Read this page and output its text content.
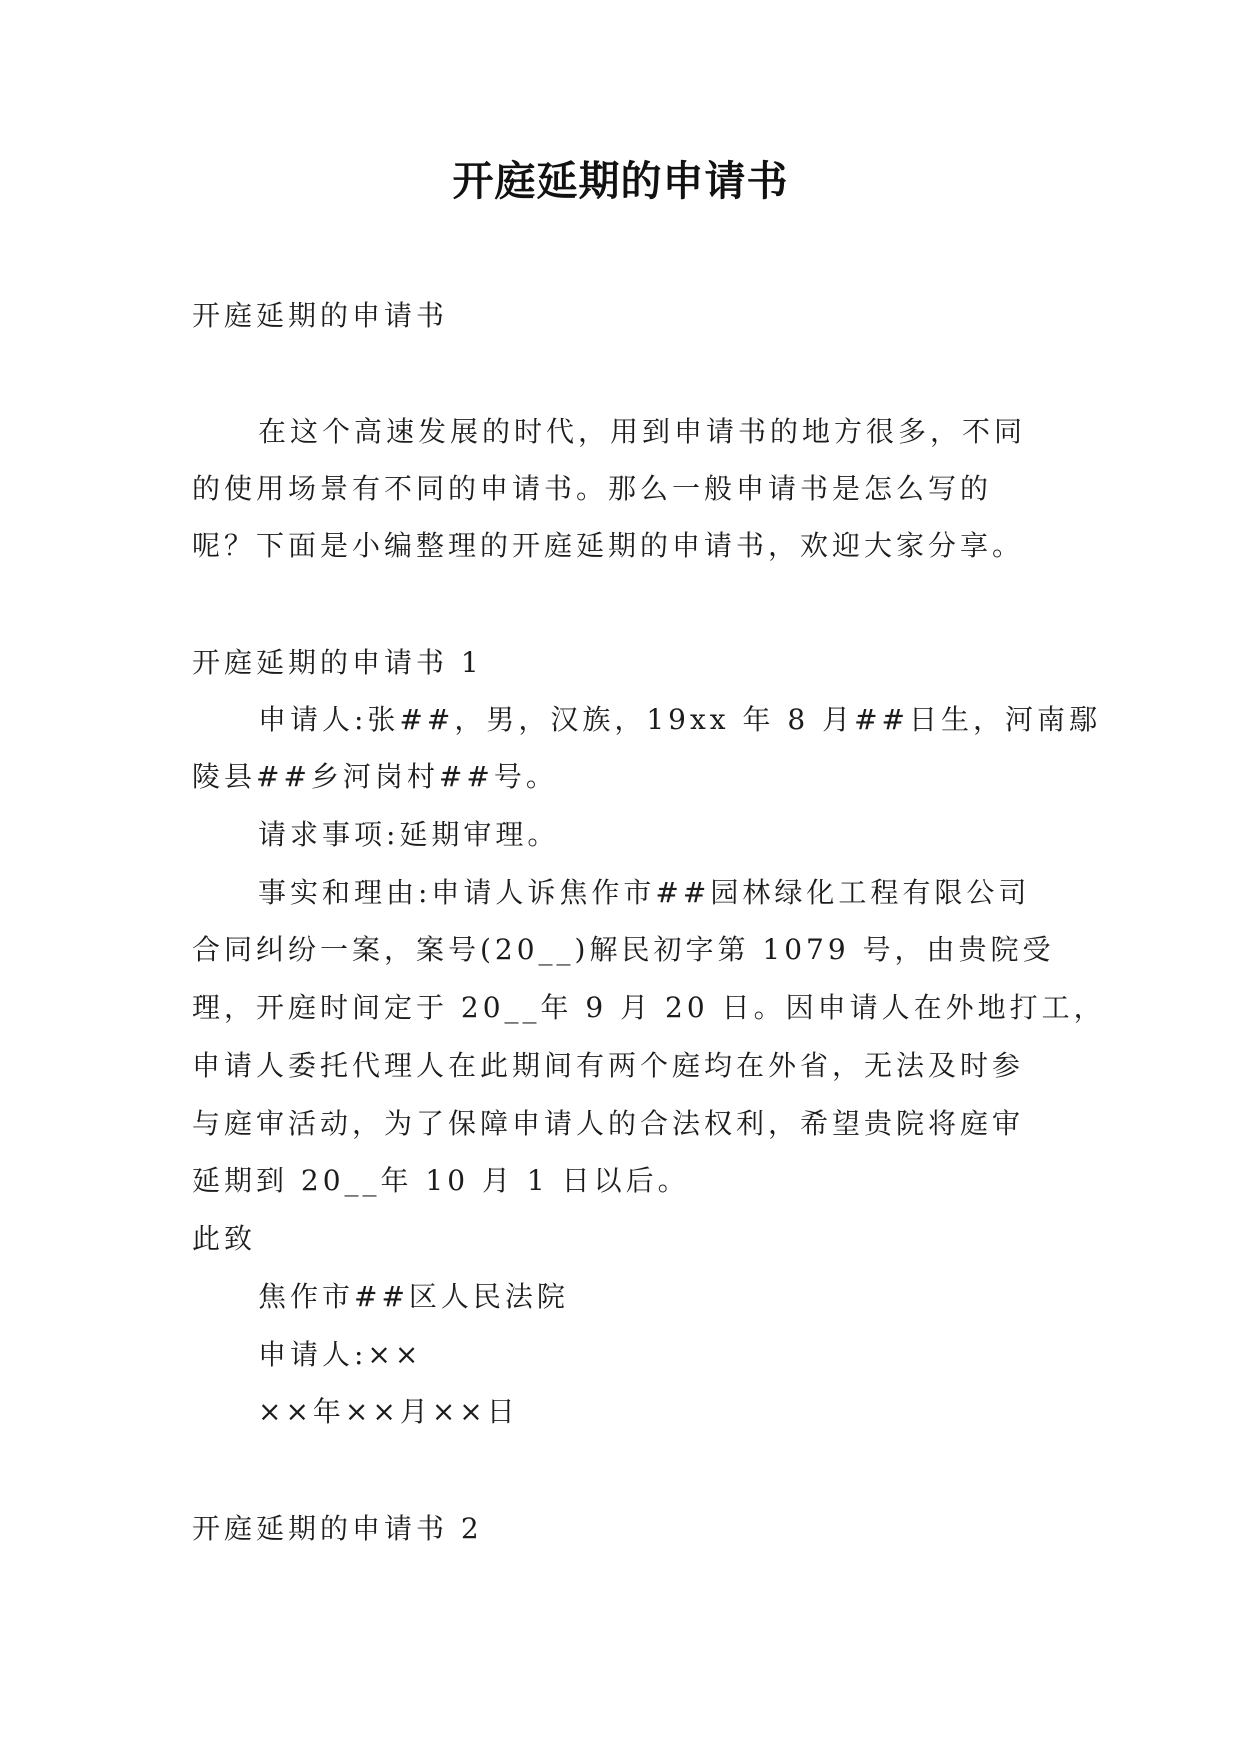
开庭延期的申请书
开庭延期的申请书
在这个高速发展的时代，用到申请书的地方很多，不同
的使用场景有不同的申请书。那么一般申请书是怎么写的
呢？下面是小编整理的开庭延期的申请书，欢迎大家分享。
开庭延期的申请书 1
申请人:张##，男，汉族，19xx 年 8 月##日生，河南鄢
陵县##乡河岗村##号。
请求事项:延期审理。
事实和理由:申请人诉焦作市##园林绿化工程有限公司
合同纠纷一案，案号(20__)解民初字第 1079 号，由贵院受
理，开庭时间定于 20__年 9 月 20 日。因申请人在外地打工，
申请人委托代理人在此期间有两个庭均在外省，无法及时参
与庭审活动，为了保障申请人的合法权利，希望贵院将庭审
延期到 20__年 10 月 1 日以后。
此致
焦作市##区人民法院
申请人:××
××年××月××日
开庭延期的申请书 2
